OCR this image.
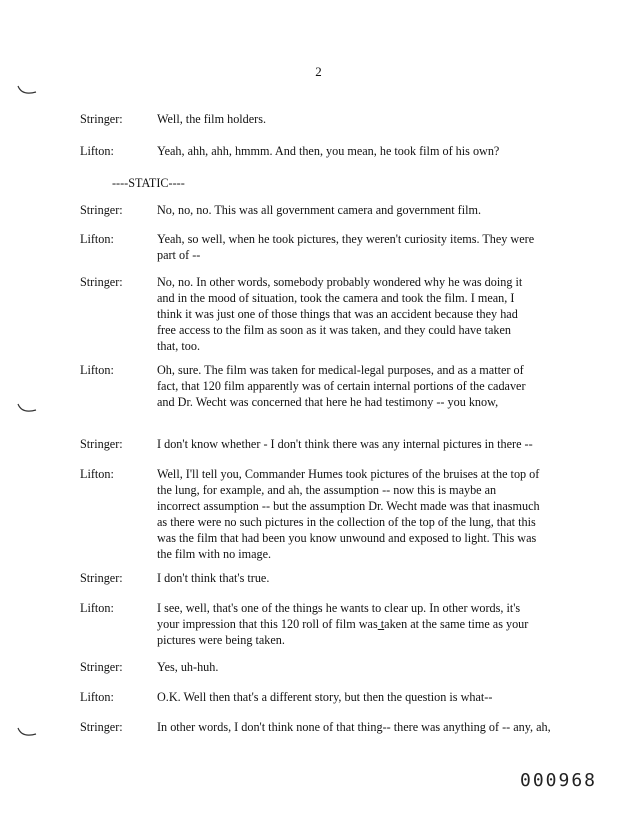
2
Stringer:	Well, the film holders.
Lifton:	Yeah, ahh, ahh, hmmm. And then, you mean, he took film of his own?
----STATIC----
Stringer:	No, no, no. This was all government camera and government film.
Lifton:	Yeah, so well, when he took pictures, they weren't curiosity items. They were part of --
Stringer:	No, no. In other words, somebody probably wondered why he was doing it and in the mood of situation, took the camera and took the film. I mean, I think it was just one of those things that was an accident because they had free access to the film as soon as it was taken, and they could have taken that, too.
Lifton:	Oh, sure. The film was taken for medical-legal purposes, and as a matter of fact, that 120 film apparently was of certain internal portions of the cadaver and Dr. Wecht was concerned that here he had testimony -- you know,
Stringer:	I don't know whether - I don't think there was any internal pictures in there --
Lifton:	Well, I'll tell you, Commander Humes took pictures of the bruises at the top of the lung, for example, and ah, the assumption -- now this is maybe an incorrect assumption -- but the assumption Dr. Wecht made was that inasmuch as there were no such pictures in the collection of the top of the lung, that this was the film that had been you know unwound and exposed to light. This was the film with no image.
Stringer:	I don't think that's true.
Lifton:	I see, well, that's one of the things he wants to clear up. In other words, it's your impression that this 120 roll of film was taken at the same time as your pictures were being taken.
Stringer:	Yes, uh-huh.
Lifton:	O.K. Well then that's a different story, but then the question is what--
Stringer:	In other words, I don't think none of that thing-- there was anything of -- any, ah,
000968
